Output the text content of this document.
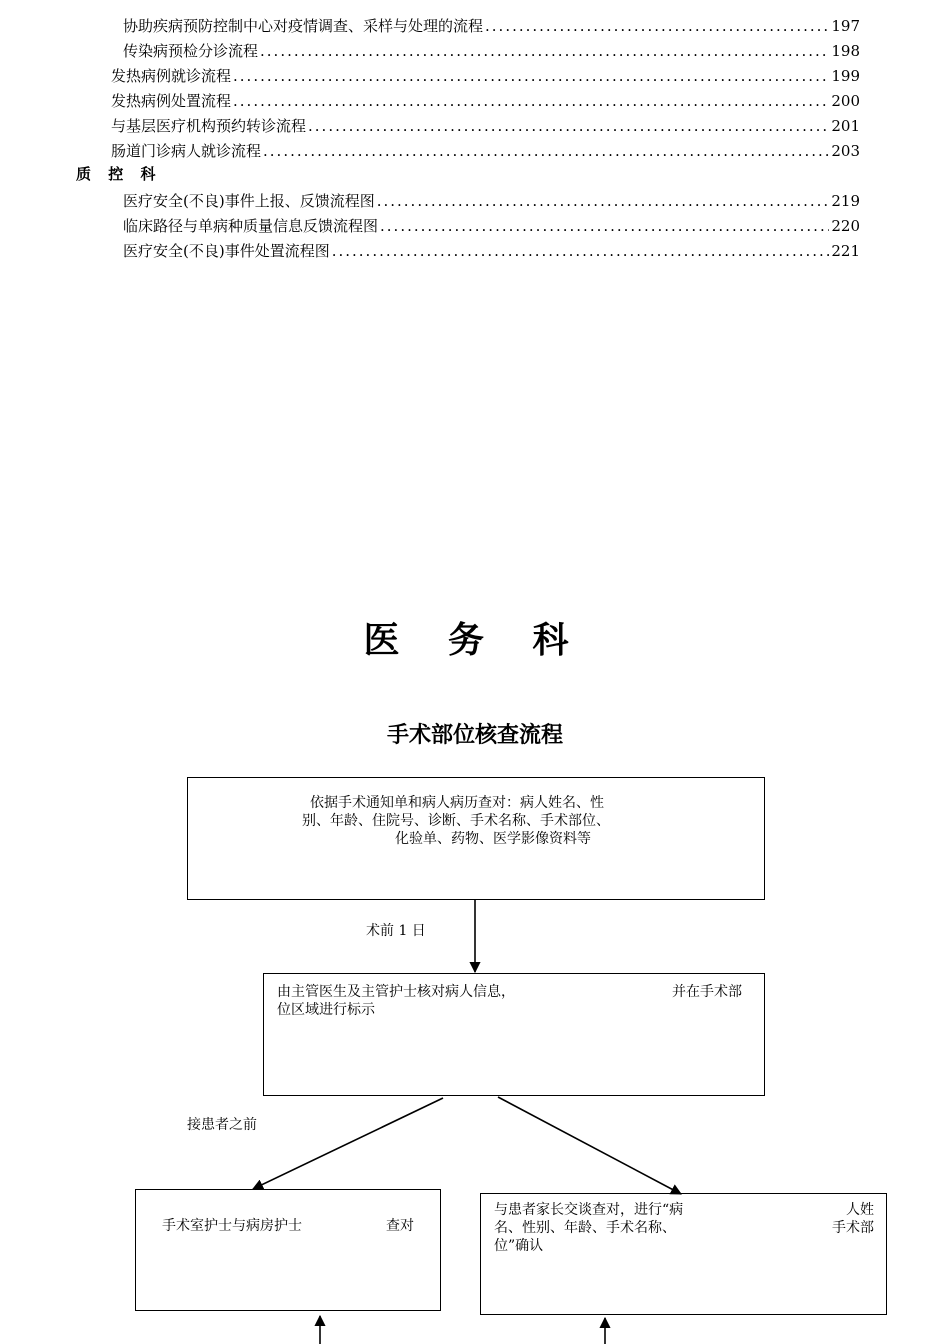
协助疾病预防控制中心对疫情调查、采样与处理的流程 .....	197
传染病预检分诊流程 .....	198
发热病例就诊流程 .....	199
发热病例处置流程 .....	200
与基层医疗机构预约转诊流程 .....	201
肠道门诊病人就诊流程 .....	203
质 控 科
医疗安全(不良)事件上报、反馈流程图 .....	219
临床路径与单病种质量信息反馈流程图 .....	220
医疗安全(不良)事件处置流程图 .....	221
医 务 科
手术部位核查流程
依据手术通知单和病人病历查对：病人姓名、性
别、年龄、住院号、诊断、手术名称、手术部位、
化验单、药物、医学影像资料等
术前 1 日
由主管医生及主管护士核对病人信息，	并在手术部
位区域进行标示
接患者之前
手术室护士与病房护士	查对
与患者家长交谈查对，进行“病	人姓
名、性别、年龄、手术名称、	手术部
位”确认
